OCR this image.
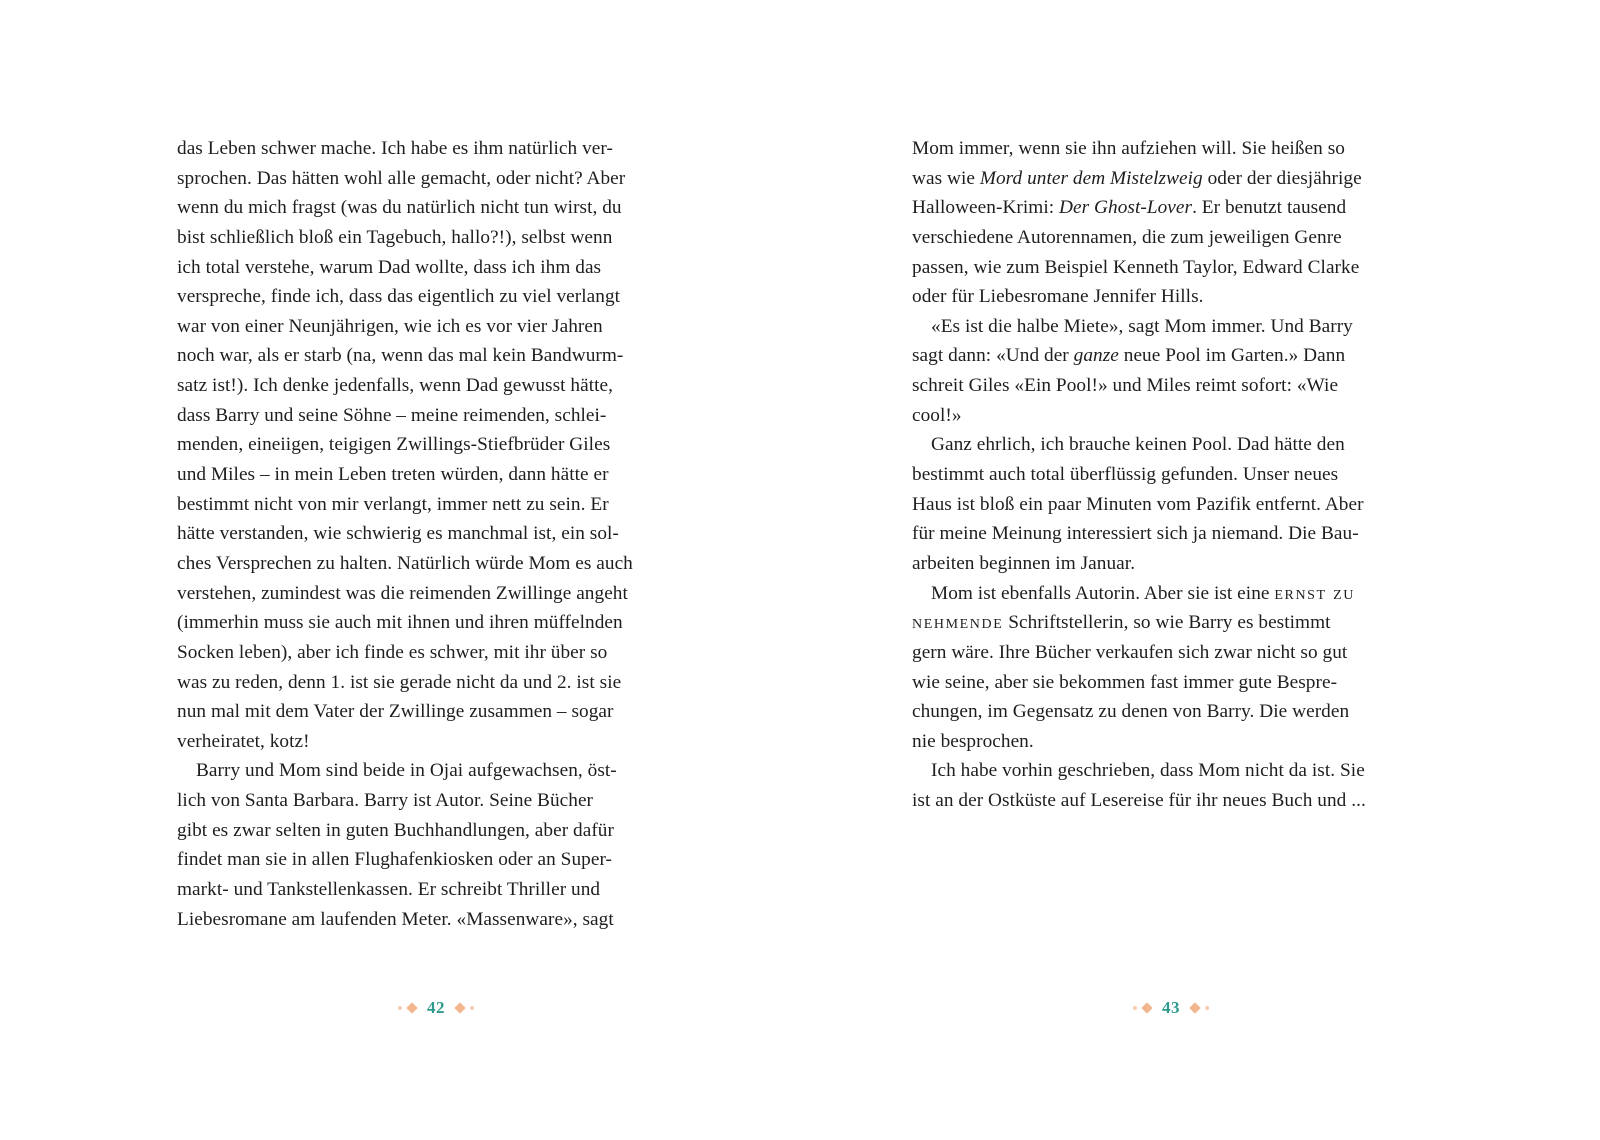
das Leben schwer mache. Ich habe es ihm natürlich ver-
sprochen. Das hätten wohl alle gemacht, oder nicht? Aber
wenn du mich fragst (was du natürlich nicht tun wirst, du
bist schließlich bloß ein Tagebuch, hallo?!), selbst wenn
ich total verstehe, warum Dad wollte, dass ich ihm das
verspreche, finde ich, dass das eigentlich zu viel verlangt
war von einer Neunjährigen, wie ich es vor vier Jahren
noch war, als er starb (na, wenn das mal kein Bandwurm-
satz ist!). Ich denke jedenfalls, wenn Dad gewusst hätte,
dass Barry und seine Söhne – meine reimenden, schlei-
menden, eineiigen, teigigen Zwillings-Stiefbrüder Giles
und Miles – in mein Leben treten würden, dann hätte er
bestimmt nicht von mir verlangt, immer nett zu sein. Er
hätte verstanden, wie schwierig es manchmal ist, ein sol-
ches Versprechen zu halten. Natürlich würde Mom es auch
verstehen, zumindest was die reimenden Zwillinge angeht
(immerhin muss sie auch mit ihnen und ihren müffelnden
Socken leben), aber ich finde es schwer, mit ihr über so
was zu reden, denn 1. ist sie gerade nicht da und 2. ist sie
nun mal mit dem Vater der Zwillinge zusammen – sogar
verheiratet, kotz!
Barry und Mom sind beide in Ojai aufgewachsen, öst-
lich von Santa Barbara. Barry ist Autor. Seine Bücher
gibt es zwar selten in guten Buchhandlungen, aber dafür
findet man sie in allen Flughafenkiosken oder an Super-
markt- und Tankstellenkassen. Er schreibt Thriller und
Liebesromane am laufenden Meter. «Massenware», sagt
Mom immer, wenn sie ihn aufziehen will. Sie heißen so
was wie Mord unter dem Mistelzweig oder der diesjährige
Halloween-Krimi: Der Ghost-Lover. Er benutzt tausend
verschiedene Autorennamen, die zum jeweiligen Genre
passen, wie zum Beispiel Kenneth Taylor, Edward Clarke
oder für Liebesromane Jennifer Hills.
«Es ist die halbe Miete», sagt Mom immer. Und Barry
sagt dann: «Und der ganze neue Pool im Garten.» Dann
schreit Giles «Ein Pool!» und Miles reimt sofort: «Wie
cool!»
Ganz ehrlich, ich brauche keinen Pool. Dad hätte den
bestimmt auch total überflüssig gefunden. Unser neues
Haus ist bloß ein paar Minuten vom Pazifik entfernt. Aber
für meine Meinung interessiert sich ja niemand. Die Bau-
arbeiten beginnen im Januar.
Mom ist ebenfalls Autorin. Aber sie ist eine ernst zu
nehmende Schriftstellerin, so wie Barry es bestimmt
gern wäre. Ihre Bücher verkaufen sich zwar nicht so gut
wie seine, aber sie bekommen fast immer gute Bespre-
chungen, im Gegensatz zu denen von Barry. Die werden
nie besprochen.
Ich habe vorhin geschrieben, dass Mom nicht da ist. Sie
ist an der Ostküste auf Lesereise für ihr neues Buch und ...
42	43
